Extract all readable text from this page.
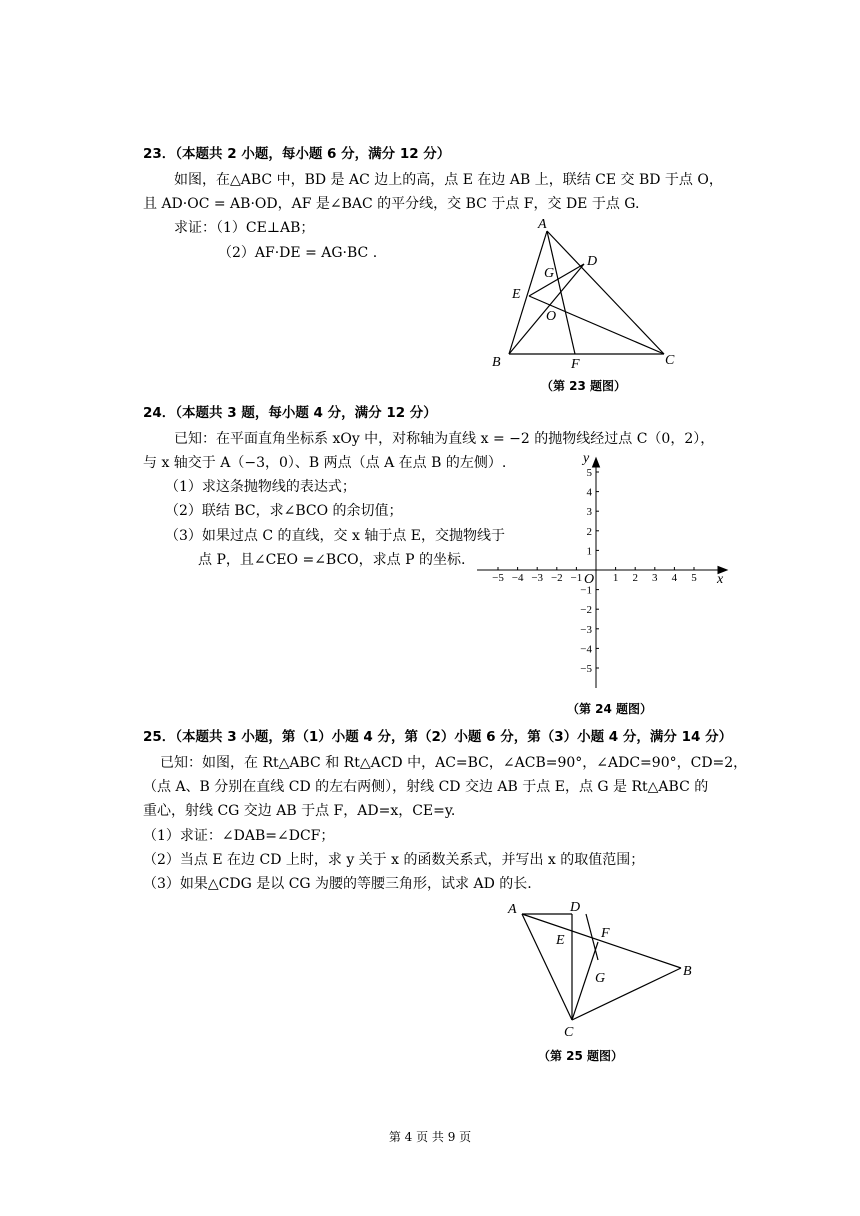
23．（本题共 2 小题，每小题 6 分，满分 12 分）
如图，在△ABC 中，BD 是 AC 边上的高，点 E 在边 AB 上，联结 CE 交 BD 于点 O，
且 AD·OC = AB·OD，AF 是∠BAC 的平分线，交 BC 于点 F，交 DE 于点 G.
求证：（1）CE⊥AB；
（2）AF·DE = AG·BC .
A
B	C
D
E
F
G
O
（第 23 题图）
24．（本题共 3 题，每小题 4 分，满分 12 分）
已知：在平面直角坐标系 xOy 中，对称轴为直线 x = −2 的抛物线经过点 C（0，2），
与 x 轴交于 A（−3，0）、B 两点（点 A 在点 B 的左侧）.
（1）求这条抛物线的表达式；
（2）联结 BC，求∠BCO 的余切值；
（3）如果过点 C 的直线，交 x 轴于点 E，交抛物线于
点 P，且∠CEO =∠BCO，求点 P 的坐标.
−5 −4 −3 −2 −1	1 2 3 4 5
5
4
3
2
1
−1
−2
−3
−4
−5
x
y
O
（第 24 题图）
25．（本题共 3 小题，第（1）小题 4 分，第（2）小题 6 分，第（3）小题 4 分，满分 14 分）
已知：如图，在 Rt△ABC 和 Rt△ACD 中，AC=BC，∠ACB=90°，∠ADC=90°，CD=2，
（点 A、B 分别在直线 CD 的左右两侧），射线 CD 交边 AB 于点 E，点 G 是 Rt△ABC 的
重心，射线 CG 交边 AB 于点 F，AD=x，CE=y.
（1）求证：∠DAB=∠DCF；
（2）当点 E 在边 CD 上时，求 y 关于 x 的函数关系式，并写出 x 的取值范围；
（3）如果△CDG 是以 CG 为腰的等腰三角形，试求 AD 的长.
A
B
C
D
E	F
G
（第 25 题图）
第 4 页 共 9 页
